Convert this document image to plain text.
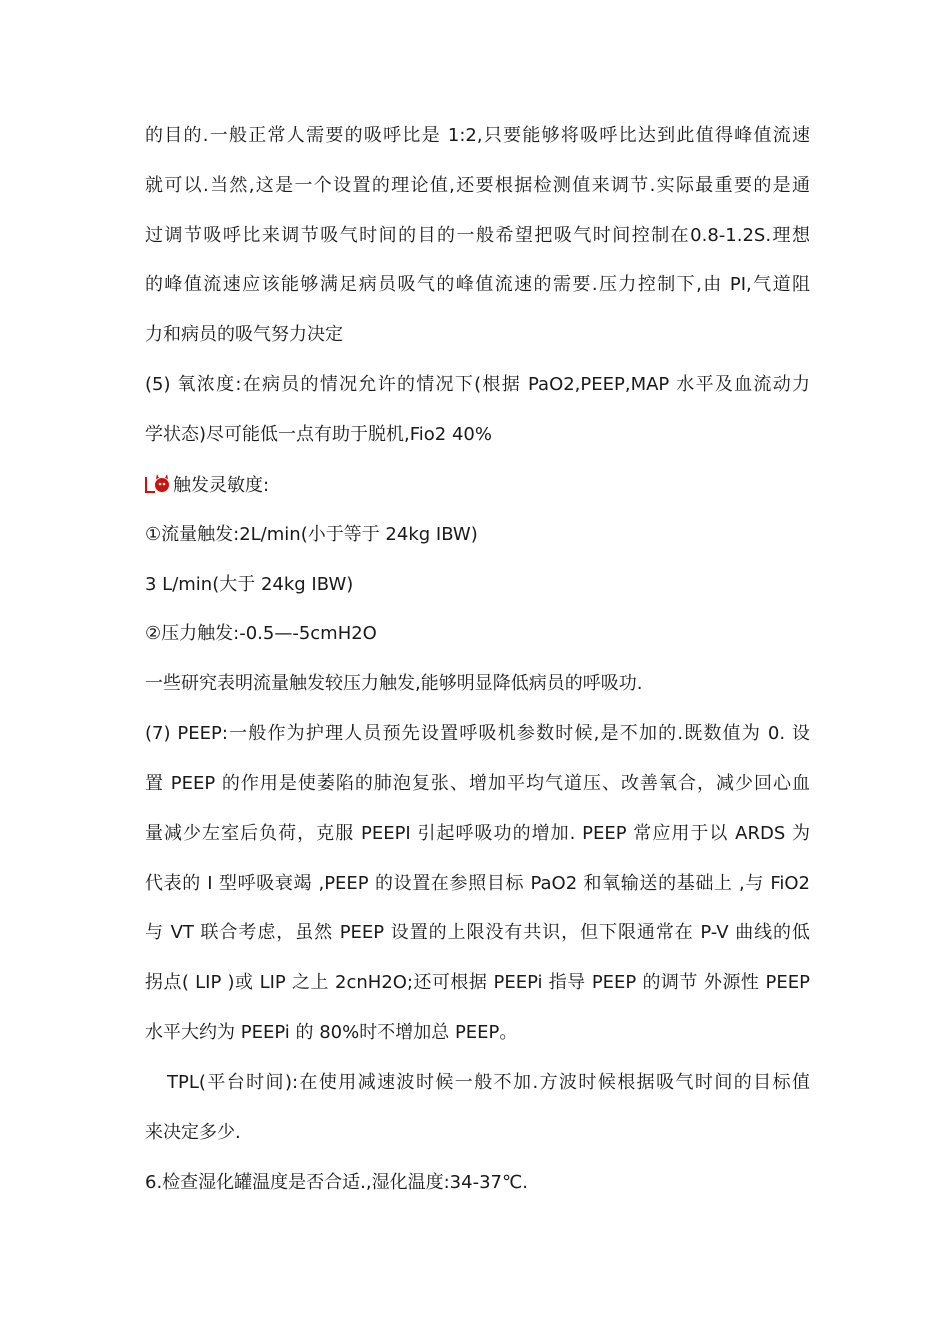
的目的.一般正常人需要的吸呼比是 1:2,只要能够将吸呼比达到此值得峰值流速
就可以.当然,这是一个设置的理论值,还要根据检测值来调节.实际最重要的是通
过调节吸呼比来调节吸气时间的目的一般希望把吸气时间控制在0.8-1.2S.理想
的峰值流速应该能够满足病员吸气的峰值流速的需要.压力控制下,由 PI,气道阻
力和病员的吸气努力决定
(5) 氧浓度:在病员的情况允许的情况下(根据 PaO2,PEEP,MAP 水平及血流动力
学状态)尽可能低一点有助于脱机,Fio2 40%
触发灵敏度:
①流量触发:2L/min(小于等于 24kg IBW)
3 L/min(大于 24kg IBW)
②压力触发:-0.5—-5cmH2O
一些研究表明流量触发较压力触发,能够明显降低病员的呼吸功.
(7) PEEP:一般作为护理人员预先设置呼吸机参数时候,是不加的.既数值为 0. 设
置 PEEP 的作用是使萎陷的肺泡复张、增加平均气道压、改善氧合，减少回心血
量减少左室后负荷，克服 PEEPI 引起呼吸功的增加. PEEP 常应用于以 ARDS 为
代表的 I 型呼吸衰竭 ,PEEP 的设置在参照目标 PaO2 和氧输送的基础上 ,与 FiO2
与 VT 联合考虑，虽然 PEEP 设置的上限没有共识，但下限通常在 P-V 曲线的低
拐点( LIP )或 LIP 之上 2cnH2O;还可根据 PEEPi 指导 PEEP 的调节 外源性 PEEP
水平大约为 PEEPi 的 80%时不增加总 PEEP。
TPL(平台时间):在使用减速波时候一般不加.方波时候根据吸气时间的目标值
来决定多少.
6.检查湿化罐温度是否合适.,湿化温度:34-37℃.
